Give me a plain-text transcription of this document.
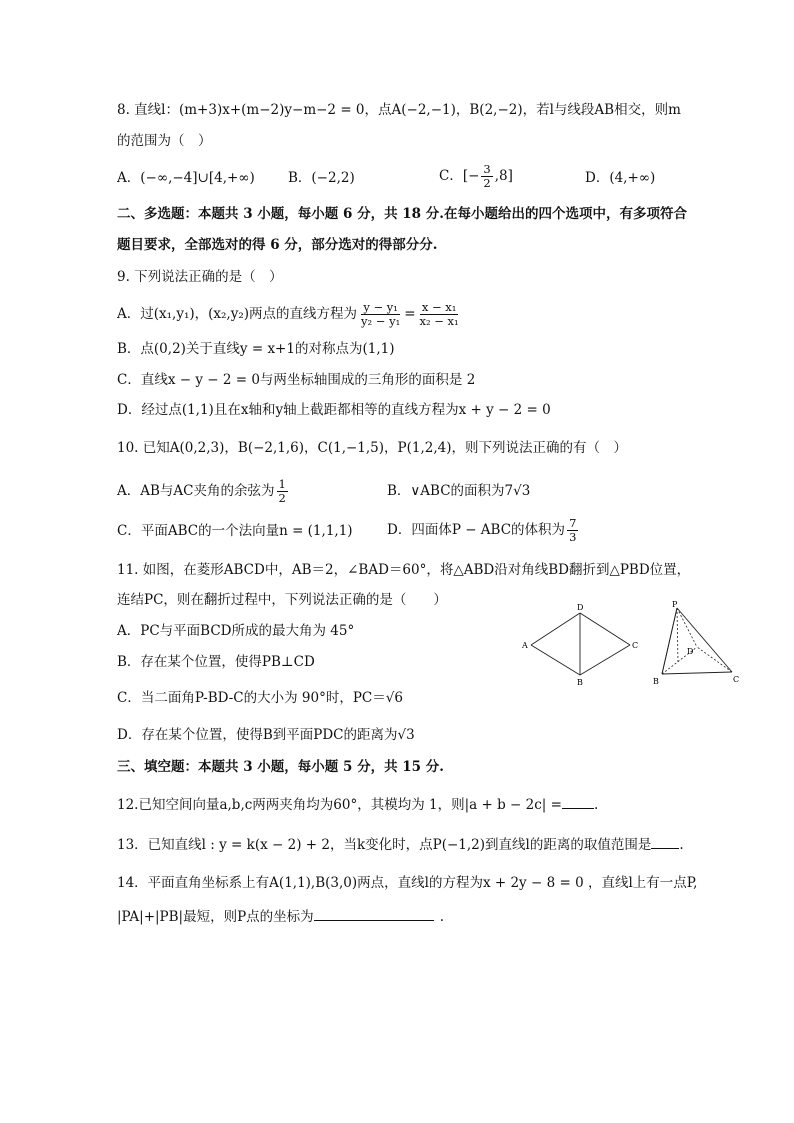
8. 直线l：(m+3)x+(m−2)y−m−2 = 0，点A(−2,−1)，B(2,−2)，若l与线段AB相交，则m
的范围为（　）
A．(−∞,−4]∪[4,+∞) B．(−2,2)	C．[− $\frac{3}{2} ,8$]	D．(4,+∞)
二、多选题：本题共 3 小题，每小题 6 分，共 18 分.在每小题给出的四个选项中，有多项符合
题目要求，全部选对的得 6 分，部分选对的得部分分.
9. 下列说法正确的是（　）
A．过(x₁,y₁)，(x₂,y₂)两点的直线方程为 $\frac{\text{y − y₁}}{\text{y₂ − y₁}} = \frac{\text{x − x₁}}{\text{x₂ − x₁}}$
B．点(0,2)关于直线y = x+1的对称点为(1,1)
C．直线x − y − 2 = 0与两坐标轴围成的三角形的面积是 2
D．经过点(1,1)且在x轴和y轴上截距都相等的直线方程为x + y − 2 = 0
10. 已知A(0,2,3)，B(−2,1,6)，C(1,−1,5)，P(1,2,4)，则下列说法正确的有（　）
A．AB与AC夹角的余弦为 $\frac{1}{2}$	B．∨ABC的面积为7√3
C．平面ABC的一个法向量n = (1,1,1)	D．四面体P − ABC的体积为 $\frac{7}{3}$
11. 如图，在菱形ABCD中，AB＝2，∠BAD＝60°，将△ABD沿对角线BD翻折到△PBD位置，
连结PC，则在翻折过程中，下列说法正确的是（　　）
A．PC与平面BCD所成的最大角为 45°
B．存在某个位置，使得PB⊥CD
C．当二面角P-BD-C的大小为 90°时，PC＝√6
D．存在某个位置，使得B到平面PDC的距离为√3
A
D
C
B
P
D
B	C
三、填空题：本题共 3 小题，每小题 5 分，共 15 分.
12.已知空间向量a,b,c两两夹角均为60°，其模均为 1，则|a + b − 2c| = .
13．已知直线l : y = k(x − 2) + 2，当k变化时，点P(−1,2)到直线l的距离的取值范围是 .
14．平面直角坐标系上有A(1,1),B(3,0)两点，直线l的方程为x + 2y − 8 = 0 ，直线l上有一点P,
|PA|+|PB|最短，则P点的坐标为	.
